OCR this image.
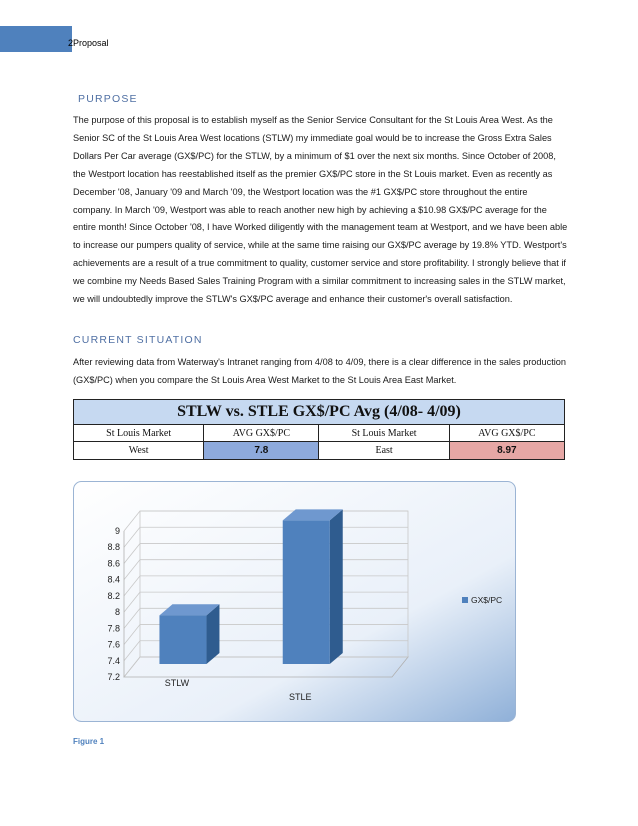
2Proposal
PURPOSE

The purpose of this proposal is to establish myself as the Senior Service Consultant for the St Louis Area West. As the Senior SC of the St Louis Area West locations (STLW) my immediate goal would be to increase the Gross Extra Sales Dollars Per Car average (GX$/PC) for the STLW, by a minimum of $1 over the next six months. Since October of 2008, the Westport location has reestablished itself as the premier GX$/PC store in the St Louis market. Even as recently as December '08, January '09 and March '09, the Westport location was the #1 GX$/PC store throughout the entire company. In March '09, Westport was able to reach another new high by achieving a $10.98 GX$/PC average for the entire month! Since October '08, I have Worked diligently with the management team at Westport, and we have been able to increase our pumpers quality of service, while at the same time raising our GX$/PC average by 19.8% YTD. Westport's achievements are a result of a true commitment to quality, customer service and store profitability. I strongly believe that if we combine my Needs Based Sales Training Program with a similar commitment to increasing sales in the STLW market, we will undoubtedly improve the STLW's GX$/PC average and enhance their customer's overall satisfaction.

CURRENT SITUATION

After reviewing data from Waterway's Intranet ranging from 4/08 to 4/09, there is a clear difference in the sales production (GX$/PC) when you compare the St Louis Area West Market to the St Louis Area East Market.

STLW vs. STLE GX$/PC Avg (4/08- 4/09)			
St Louis Market	AVG GX$/PC	St Louis Market	AVG GX$/PC
West	7.8	East	8.97
7.2
7.4
7.6
7.8
8
8.2
8.4
8.6
8.8
9
STLW
STLE
GX$/PC
Figure 1
